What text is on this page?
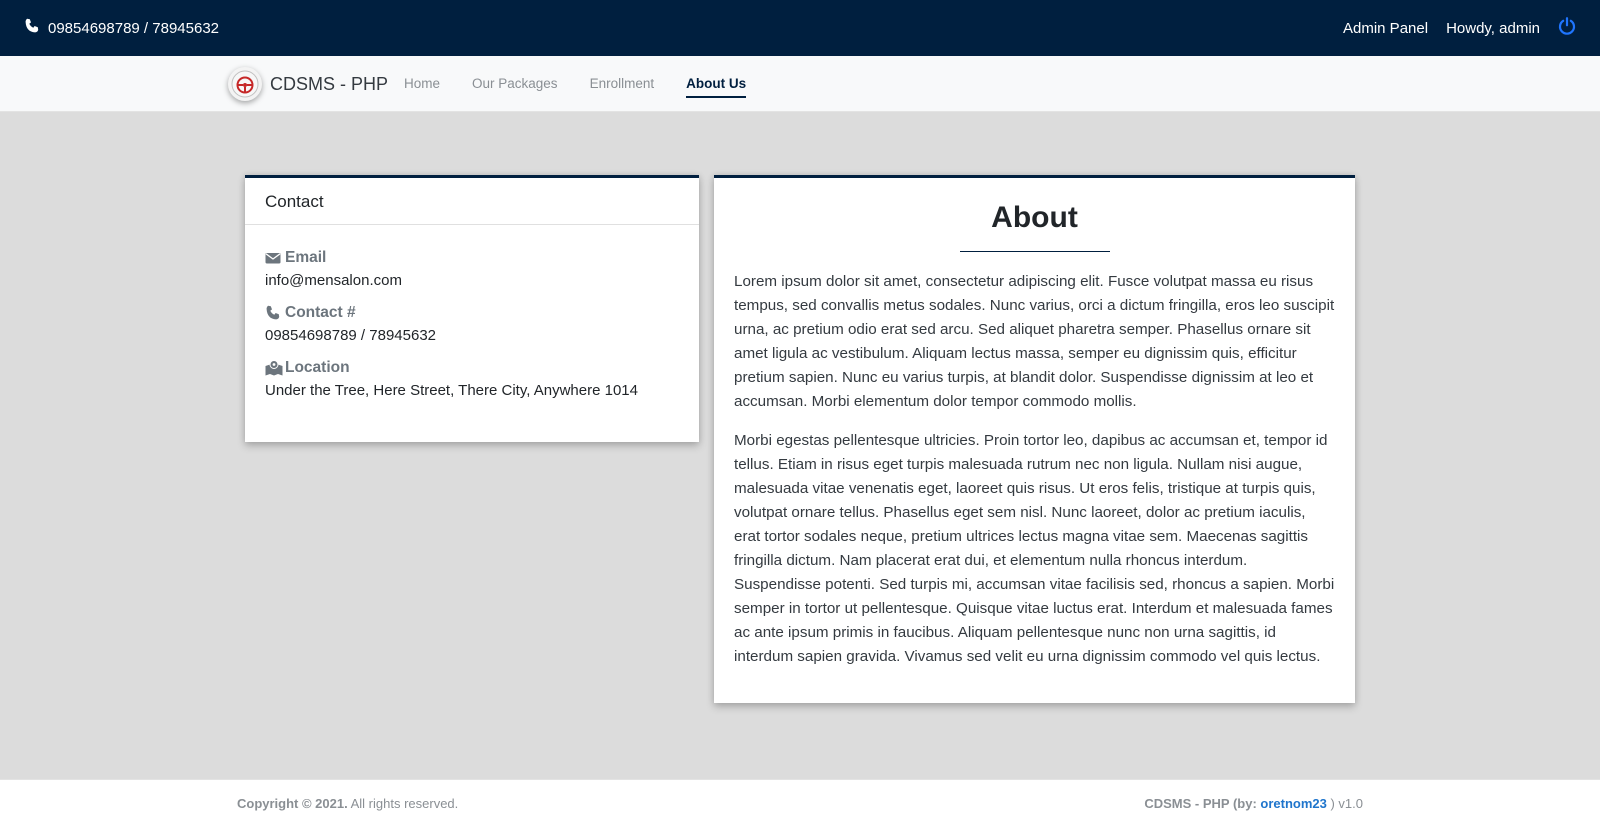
09854698789 / 78945632	Admin Panel Howdy, admin
CDSMS - PHP	Home	Our Packages	Enrollment	About Us
Contact
Email
info@mensalon.com
Contact #
09854698789 / 78945632
Location
Under the Tree, Here Street, There City, Anywhere 1014
About

Lorem ipsum dolor sit amet, consectetur adipiscing elit. Fusce volutpat massa eu risus tempus, sed convallis metus sodales. Nunc varius, orci a dictum fringilla, eros leo suscipit urna, ac pretium odio erat sed arcu. Sed aliquet pharetra semper. Phasellus ornare sit amet ligula ac vestibulum. Aliquam lectus massa, semper eu dignissim quis, efficitur pretium sapien. Nunc eu varius turpis, at blandit dolor. Suspendisse dignissim at leo et accumsan. Morbi elementum dolor tempor commodo mollis.

Morbi egestas pellentesque ultricies. Proin tortor leo, dapibus ac accumsan et, tempor id tellus. Etiam in risus eget turpis malesuada rutrum nec non ligula. Nullam nisi augue, malesuada vitae venenatis eget, laoreet quis risus. Ut eros felis, tristique at turpis quis, volutpat ornare tellus. Phasellus eget sem nisl. Nunc laoreet, dolor ac pretium iaculis, erat tortor sodales neque, pretium ultrices lectus magna vitae sem. Maecenas sagittis fringilla dictum. Nam placerat erat dui, et elementum nulla rhoncus interdum. Suspendisse potenti. Sed turpis mi, accumsan vitae facilisis sed, rhoncus a sapien. Morbi semper in tortor ut pellentesque. Quisque vitae luctus erat. Interdum et malesuada fames ac ante ipsum primis in faucibus. Aliquam pellentesque nunc non urna sagittis, id interdum sapien gravida. Vivamus sed velit eu urna dignissim commodo vel quis lectus.

Copyright © 2021. All rights reserved.	CDSMS - PHP (by: oretnom23 ) v1.0
